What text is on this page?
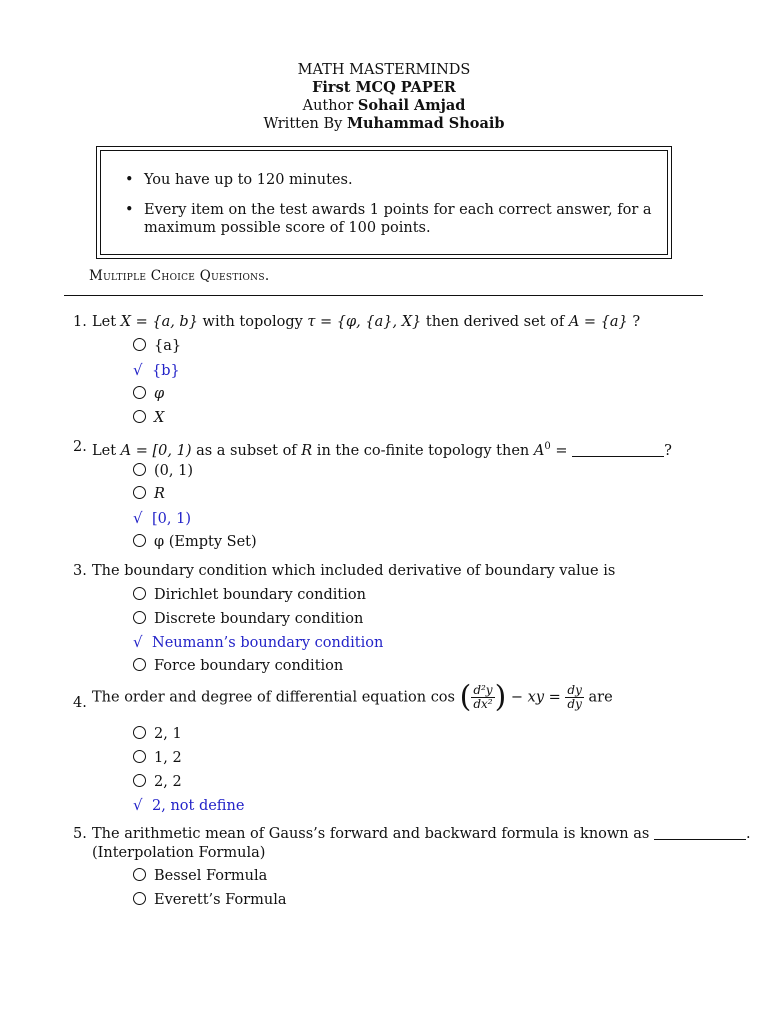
MATH MASTERMINDS
First MCQ PAPER
Author Sohail Amjad
Written By Muhammad Shoaib
• You have up to 120 minutes.
• Every item on the test awards 1 points for each correct answer, for a maximum possible score of 100 points.
Multiple Choice Questions.
1. Let X = {a, b} with topology τ = {φ, {a}, X} then derived set of A = {a} ?
{a}
√ {b}
φ
X
2. Let A = [0, 1) as a subset of R in the co-finite topology then $A^0$ =	?
(0, 1)
R
√ [0, 1)
φ (Empty Set)
3. The boundary condition which included derivative of boundary value is
Dirichlet boundary condition
Discrete boundary condition
√ Neumann’s boundary condition
Force boundary condition
4. The order and degree of differential equation cos ( $\frac{\text{d²y}}{\text{dx²}}$ ) − xy = $\frac{dy}{dy}$ are
2, 1
1, 2
2, 2
√ 2, not define
5. The arithmetic mean of Gauss’s forward and backward formula is known as	.
(Interpolation Formula)
Bessel Formula
Everett’s Formula
